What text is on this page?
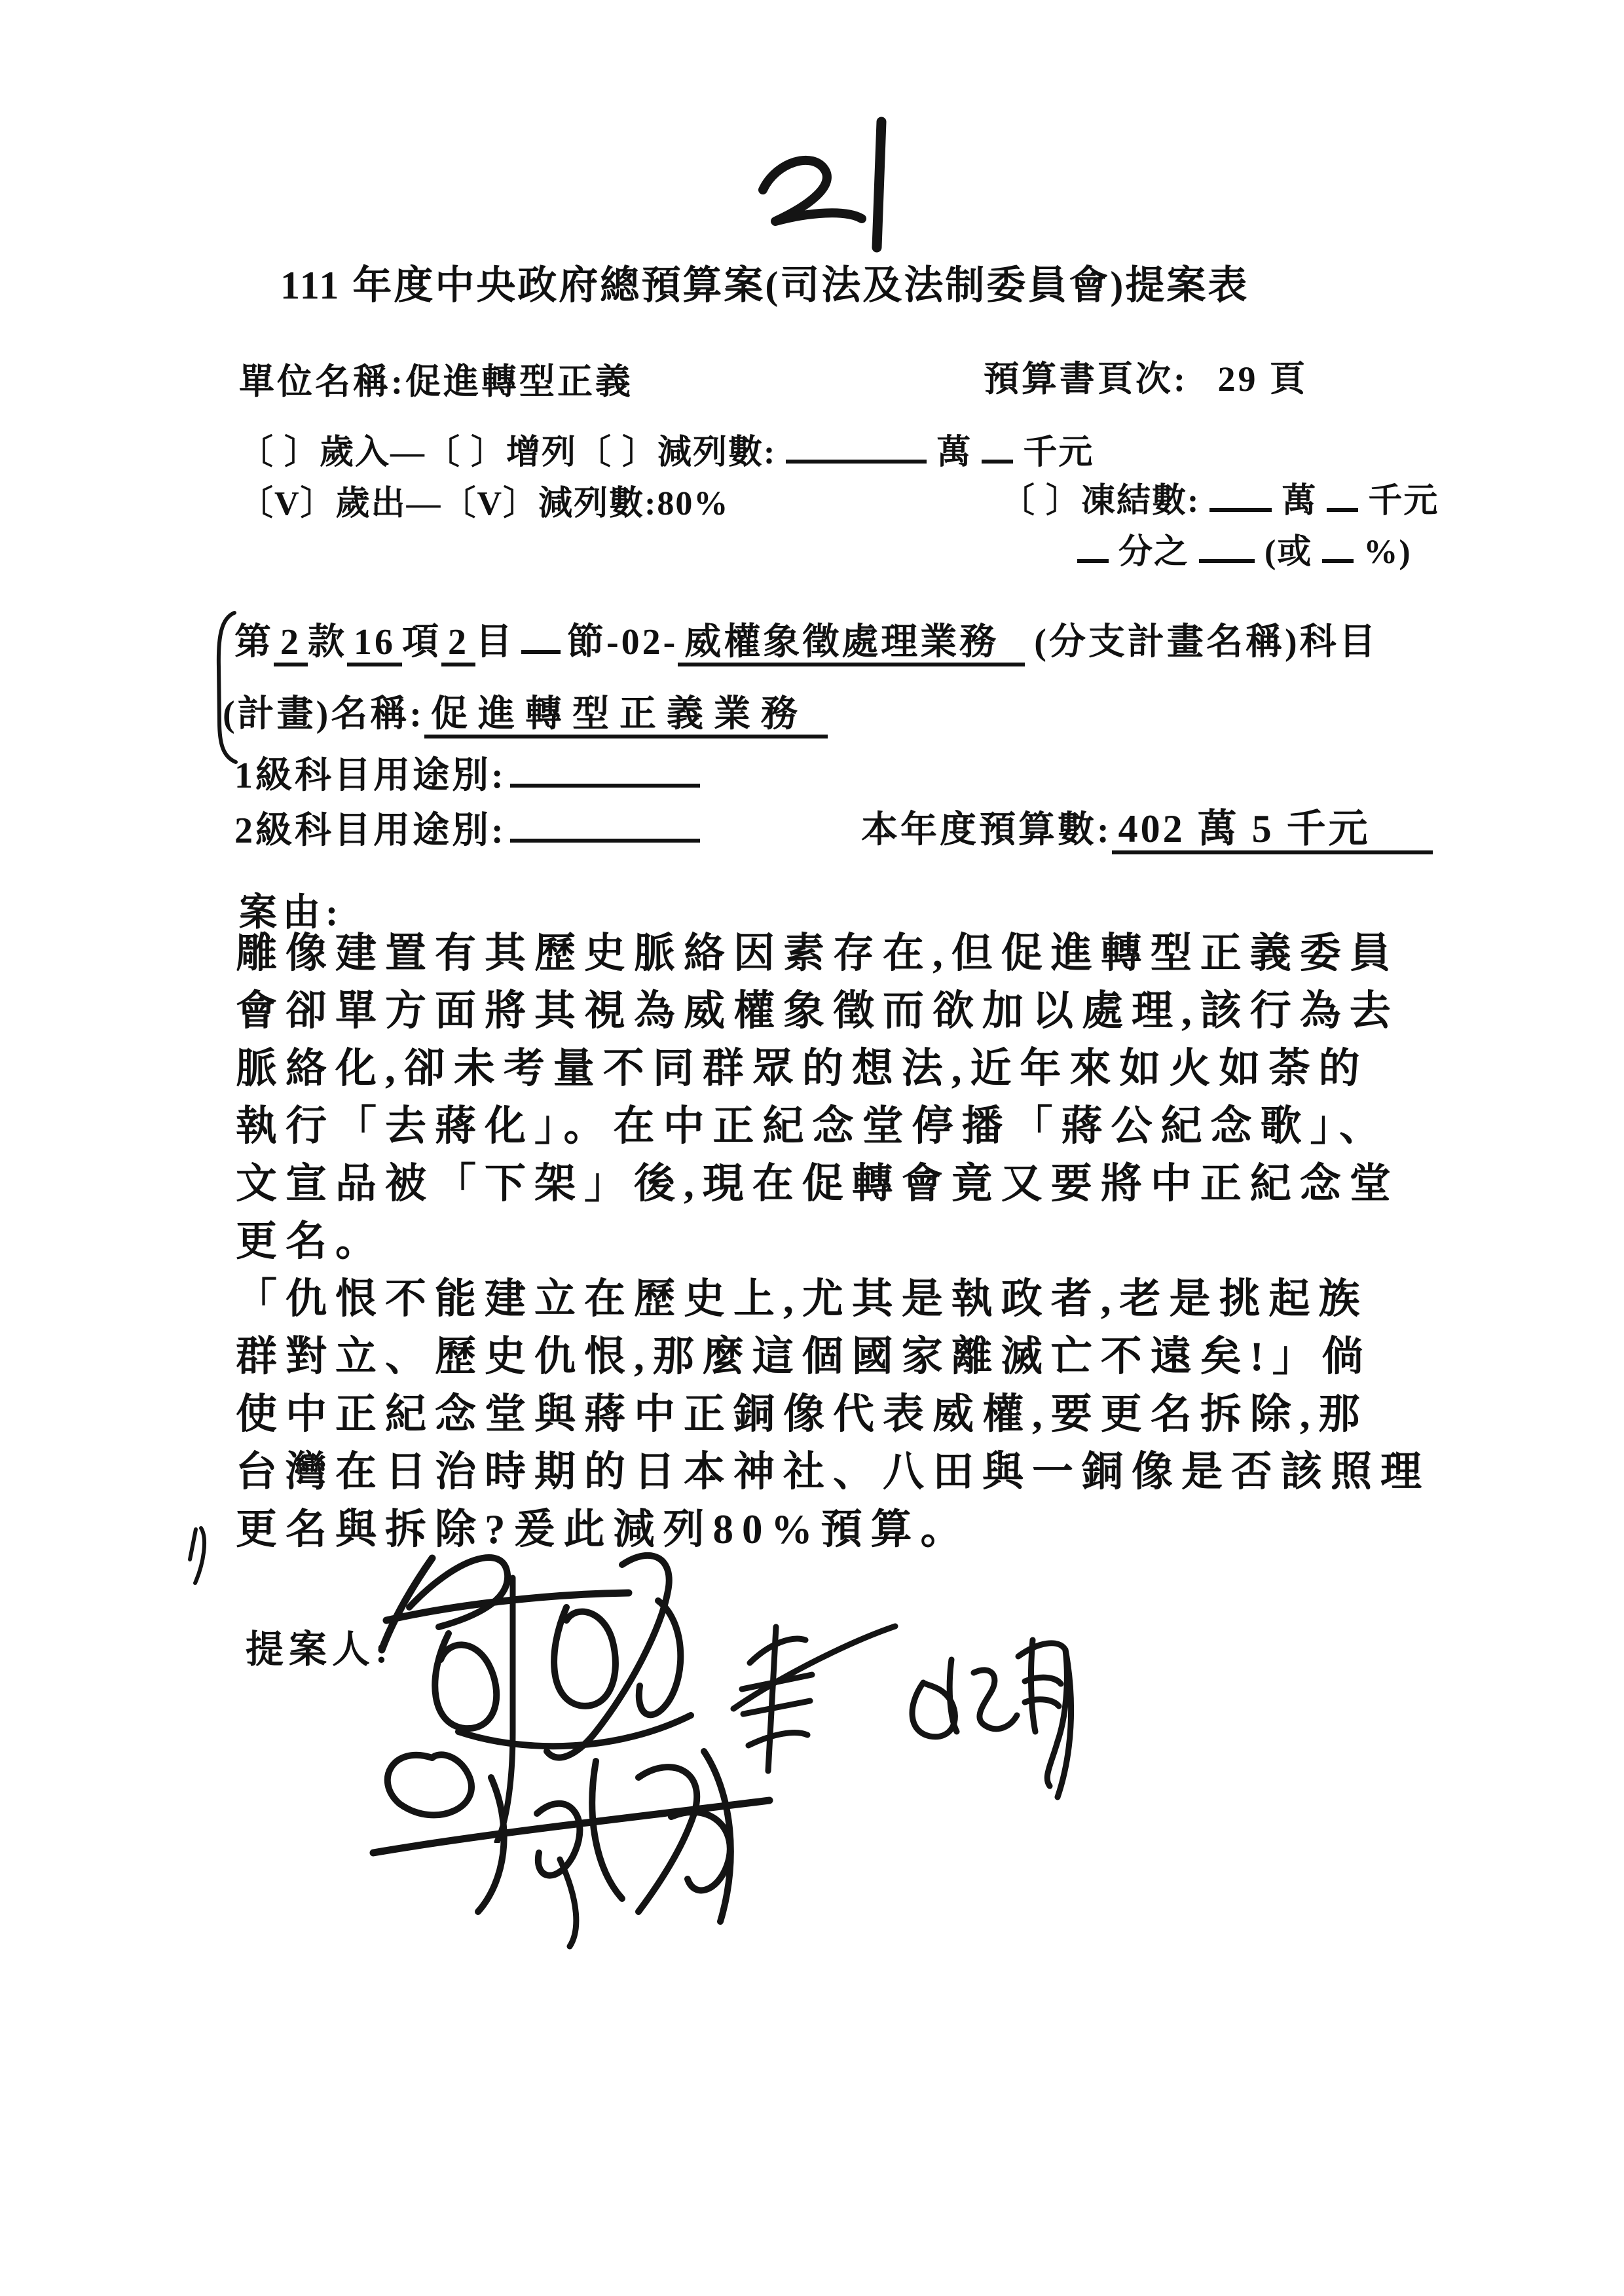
111 年度中央政府總預算案(司法及法制委員會)提案表
單位名稱:促進轉型正義	預算書頁次: 29 頁
〔 〕歲入—〔 〕增列〔 〕減列數:	萬 千元
〔V〕歲出—〔V〕減列數:80%	〔 〕凍結數: 萬 千元
分之 (或 %)
第 2 款 16 項 2 目 節-02- 威權象徵處理業務 (分支計畫名稱)科目
(計畫)名稱: 促進轉型正義業務
1級科目用途別:
2級科目用途別:	本年度預算數: 402 萬 5 千元
案由:
雕像建置有其歷史脈絡因素存在,但促進轉型正義委員
會卻單方面將其視為威權象徵而欲加以處理,該行為去
脈絡化,卻未考量不同群眾的想法,近年來如火如荼的
執行「去蔣化」。在中正紀念堂停播「蔣公紀念歌」、
文宣品被「下架」後,現在促轉會竟又要將中正紀念堂
更名。
「仇恨不能建立在歷史上,尤其是執政者,老是挑起族
群對立、歷史仇恨,那麼這個國家離滅亡不遠矣!」倘
使中正紀念堂與蔣中正銅像代表威權,要更名拆除,那
台灣在日治時期的日本神社、八田與一銅像是否該照理
更名與拆除?爰此減列80%預算。
提案人:
